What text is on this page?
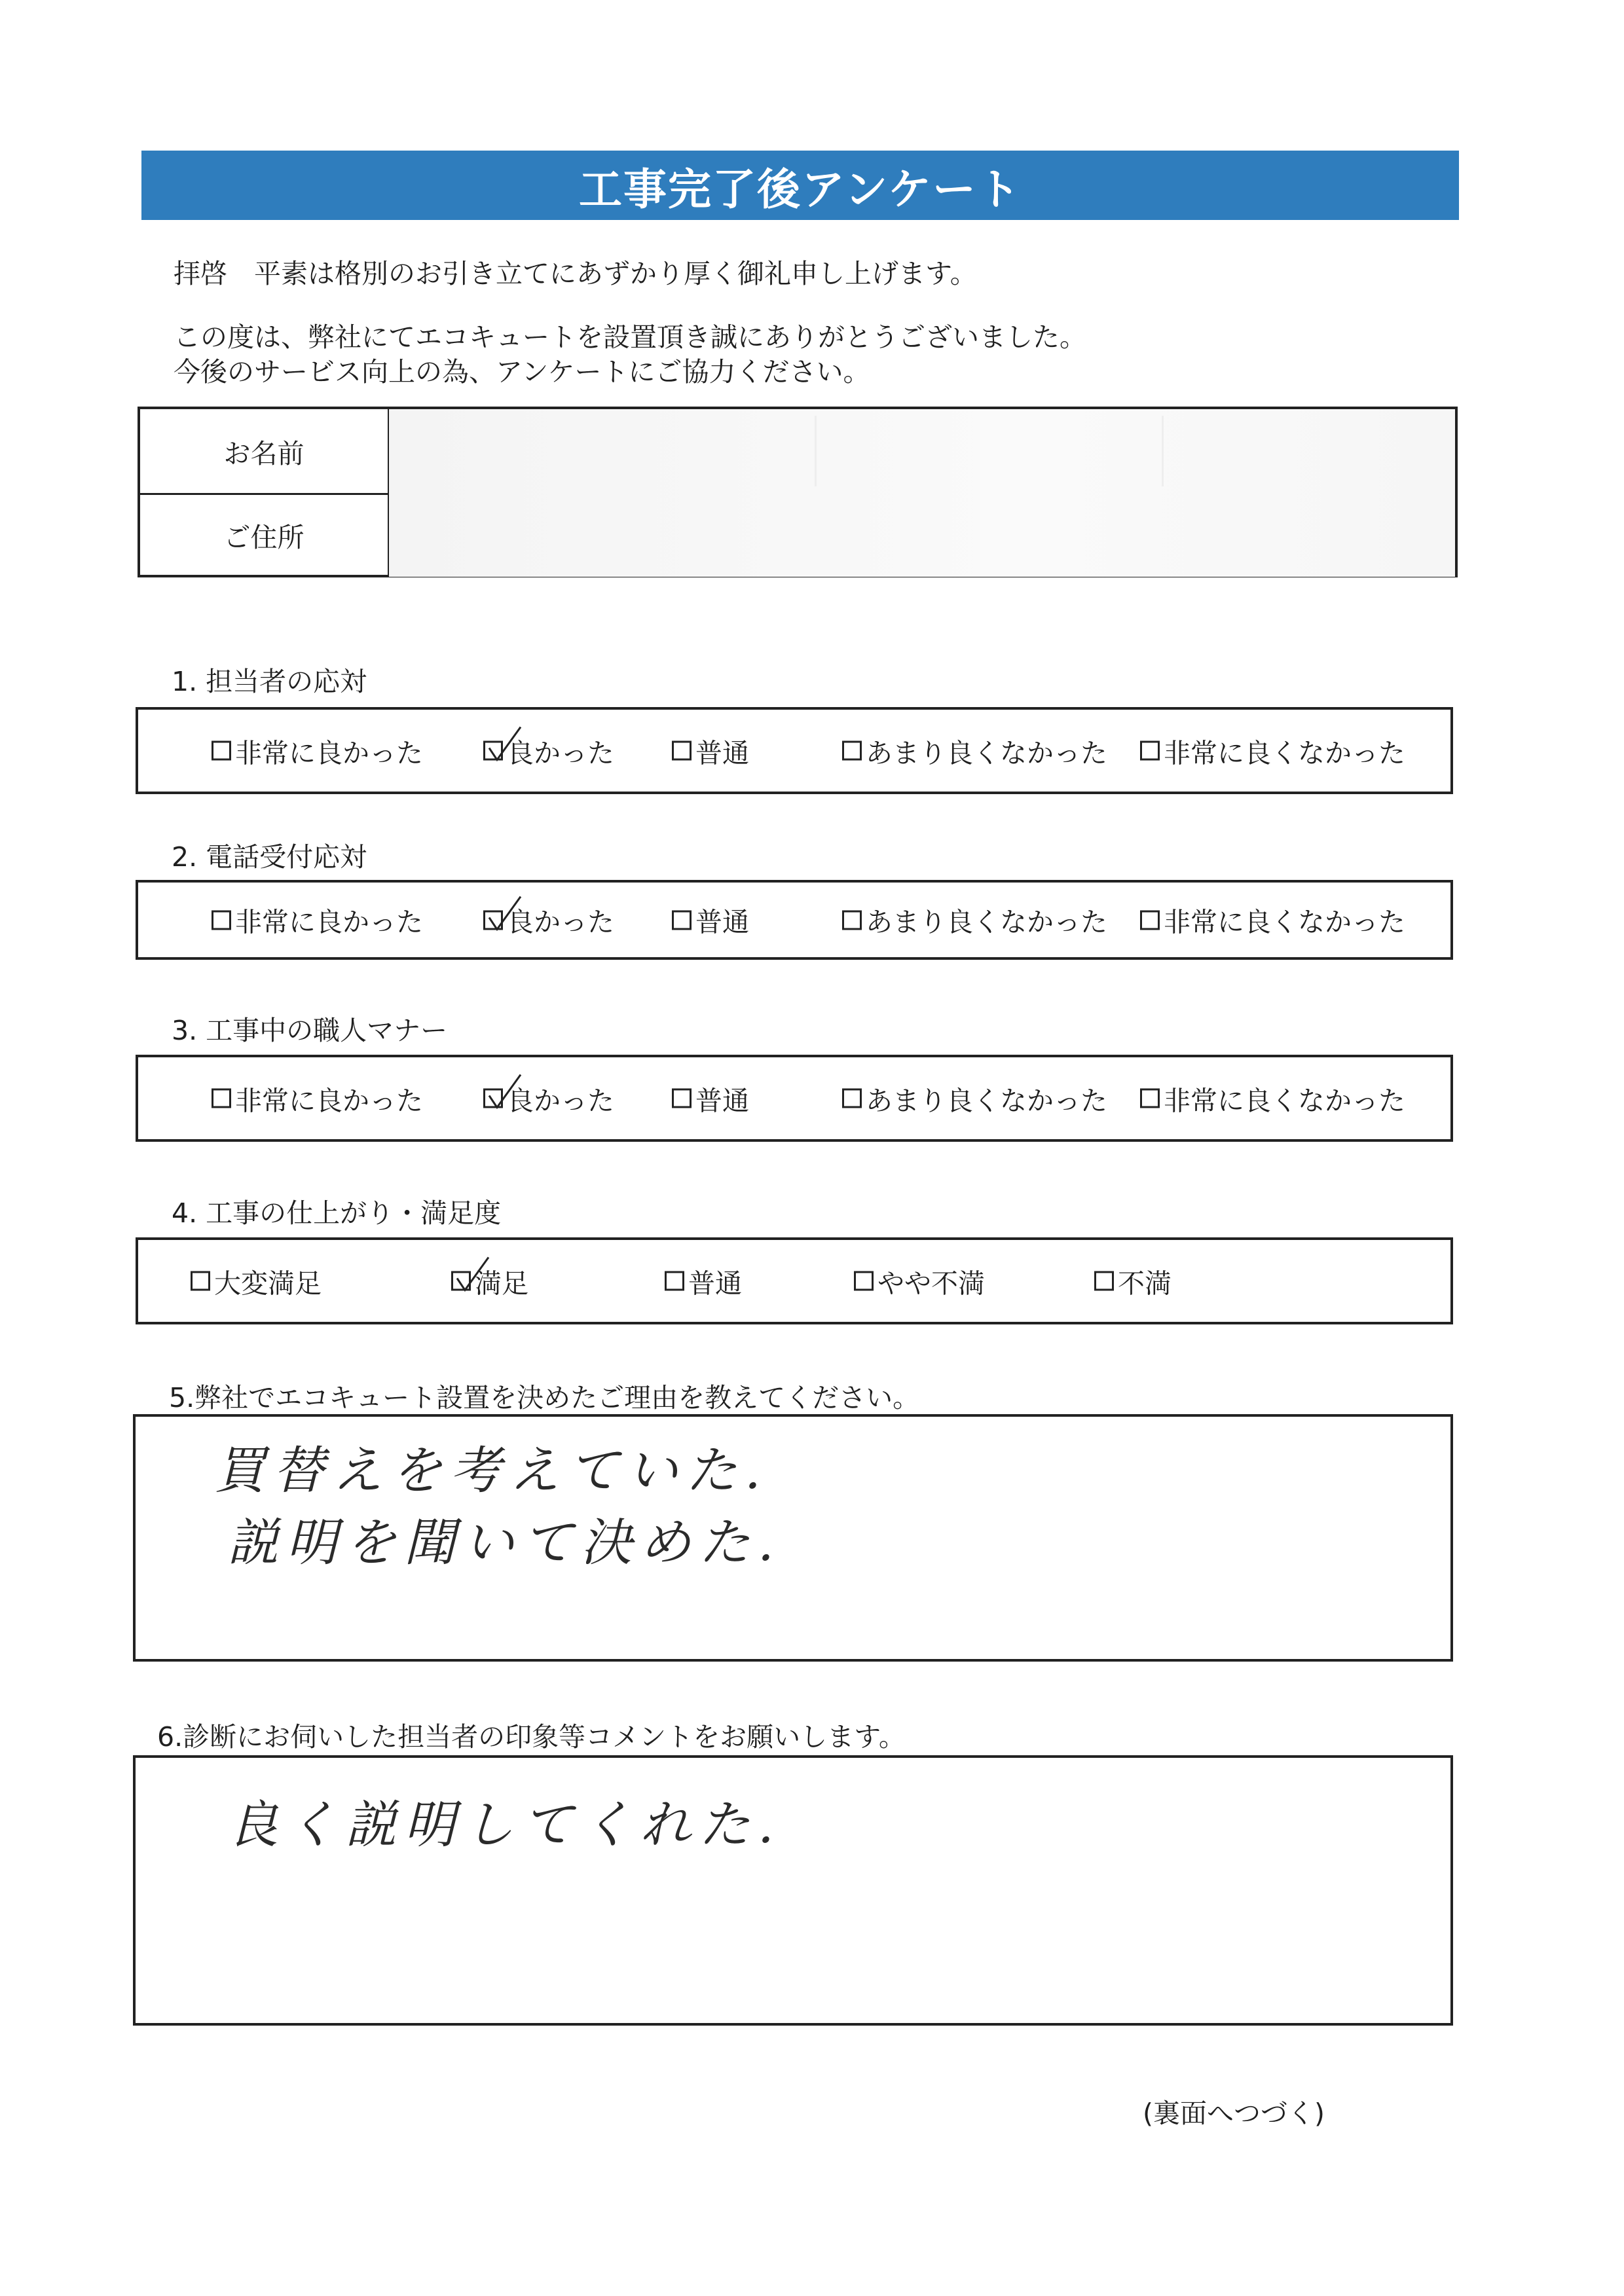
工事完了後アンケート
拝啓　平素は格別のお引き立てにあずかり厚く御礼申し上げます。
この度は、弊社にてエコキュートを設置頂き誠にありがとうございました。
今後のサービス向上の為、アンケートにご協力ください。
お名前
ご住所
1. 担当者の応対
非常に良かった	良かった	普通	あまり良くなかった 非常に良くなかった
2. 電話受付応対
非常に良かった	良かった	普通	あまり良くなかった 非常に良くなかった
3. 工事中の職人マナー
非常に良かった	良かった	普通	あまり良くなかった 非常に良くなかった
4. 工事の仕上がり・満足度
大変満足	満足	普通	やや不満	不満
5.弊社でエコキュート設置を決めたご理由を教えてください。
買替えを考えていた.
説明を聞いて決めた.
6.診断にお伺いした担当者の印象等コメントをお願いします。
良く説明してくれた.
(裏面へつづく)
